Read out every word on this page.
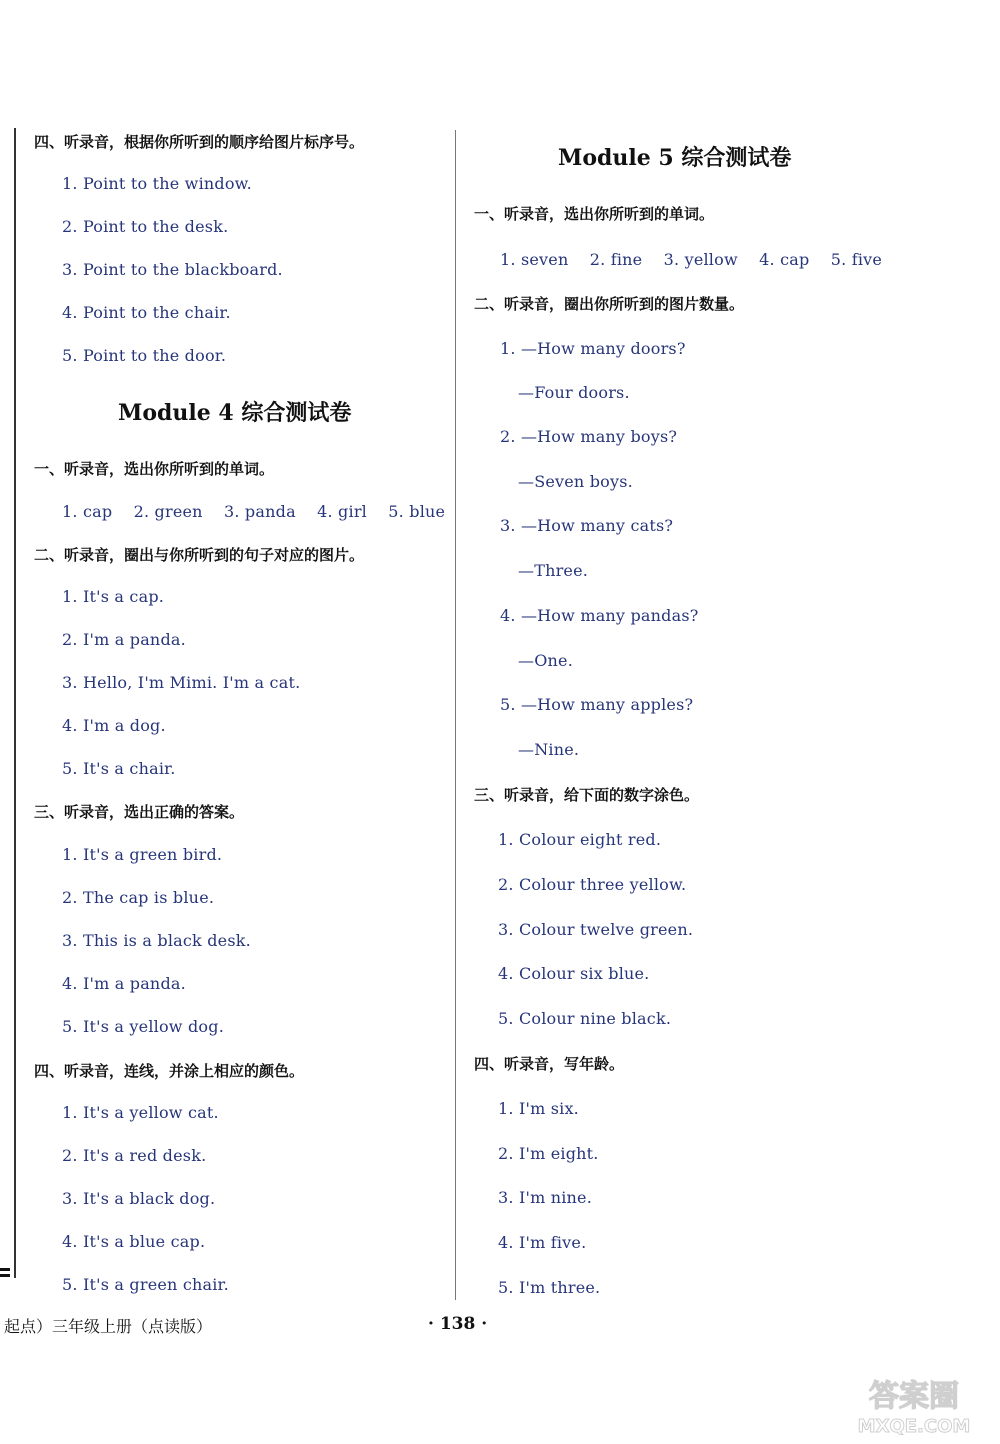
四、听录音，根据你所听到的顺序给图片标序号。
1. Point to the window.
2. Point to the desk.
3. Point to the blackboard.
4. Point to the chair.
5. Point to the door.
Module 4 综合测试卷
一、听录音，选出你所听到的单词。
1. cap 2. green 3. panda 4. girl 5. blue
二、听录音，圈出与你所听到的句子对应的图片。
1. It's a cap.
2. I'm a panda.
3. Hello, I'm Mimi. I'm a cat.
4. I'm a dog.
5. It's a chair.
三、听录音，选出正确的答案。
1. It's a green bird.
2. The cap is blue.
3. This is a black desk.
4. I'm a panda.
5. It's a yellow dog.
四、听录音，连线，并涂上相应的颜色。
1. It's a yellow cat.
2. It's a red desk.
3. It's a black dog.
4. It's a blue cap.
5. It's a green chair.
Module 5 综合测试卷
一、听录音，选出你所听到的单词。
1. seven 2. fine 3. yellow 4. cap 5. five
二、听录音，圈出你所听到的图片数量。
1. —How many doors?
—Four doors.
2. —How many boys?
—Seven boys.
3. —How many cats?
—Three.
4. —How many pandas?
—One.
5. —How many apples?
—Nine.
三、听录音，给下面的数字涂色。
1. Colour eight red.
2. Colour three yellow.
3. Colour twelve green.
4. Colour six blue.
5. Colour nine black.
四、听录音，写年龄。
1. I'm six.
2. I'm eight.
3. I'm nine.
4. I'm five.
5. I'm three.
起点）三年级上册（点读版）	· 138 ·
答案圈
MXQE.COM
